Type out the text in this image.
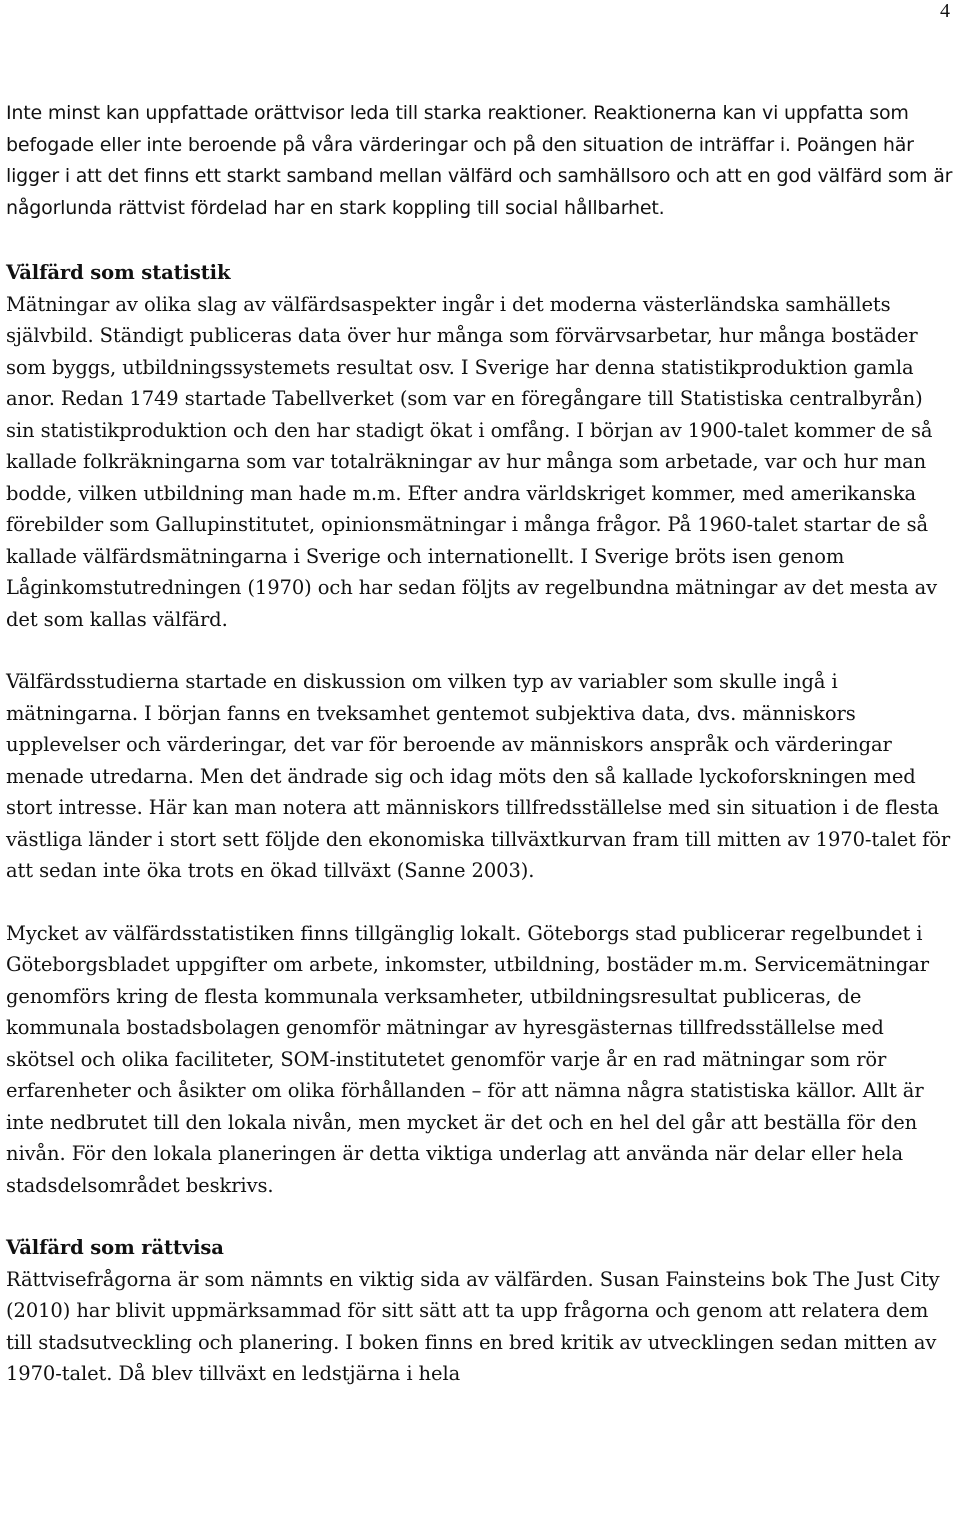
4

Inte minst kan uppfattade orättvisor leda till starka reaktioner. Reaktionerna kan vi uppfatta som befogade eller inte beroende på våra värderingar och på den situation de inträffar i. Poängen här ligger i att det finns ett starkt samband mellan välfärd och samhällsoro och att en god välfärd som är någorlunda rättvist fördelad har en stark koppling till social hållbarhet.

Välfärd som statistik
Mätningar av olika slag av välfärdsaspekter ingår i det moderna västerländska samhällets självbild. Ständigt publiceras data över hur många som förvärvsarbetar, hur många bostäder som byggs, utbildningssystemets resultat osv. I Sverige har denna statistikproduktion gamla anor. Redan 1749 startade Tabellverket (som var en föregångare till Statistiska centralbyrån) sin statistikproduktion och den har stadigt ökat i omfång. I början av 1900-talet kommer de så kallade folkräkningarna som var totalräkningar av hur många som arbetade, var och hur man bodde, vilken utbildning man hade m.m. Efter andra världskriget kommer, med amerikanska förebilder som Gallupinstitutet, opinionsmätningar i många frågor. På 1960-talet startar de så kallade välfärdsmätningarna i Sverige och internationellt. I Sverige bröts isen genom Låginkomstutredningen (1970) och har sedan följts av regelbundna mätningar av det mesta av det som kallas välfärd.

Välfärdsstudierna startade en diskussion om vilken typ av variabler som skulle ingå i mätningarna. I början fanns en tveksamhet gentemot subjektiva data, dvs. människors upplevelser och värderingar, det var för beroende av människors anspråk och värderingar menade utredarna. Men det ändrade sig och idag möts den så kallade lyckoforskningen med stort intresse. Här kan man notera att människors tillfredsställelse med sin situation i de flesta västliga länder i stort sett följde den ekonomiska tillväxtkurvan fram till mitten av 1970-talet för att sedan inte öka trots en ökad tillväxt (Sanne 2003).

Mycket av välfärdsstatistiken finns tillgänglig lokalt. Göteborgs stad publicerar regelbundet i Göteborgsbladet uppgifter om arbete, inkomster, utbildning, bostäder m.m. Servicemätningar genomförs kring de flesta kommunala verksamheter, utbildningsresultat publiceras, de kommunala bostadsbolagen genomför mätningar av hyresgästernas tillfredsställelse med skötsel och olika faciliteter, SOM-institutetet genomför varje år en rad mätningar som rör erfarenheter och åsikter om olika förhållanden – för att nämna några statistiska källor. Allt är inte nedbrutet till den lokala nivån, men mycket är det och en hel del går att beställa för den nivån. För den lokala planeringen är detta viktiga underlag att använda när delar eller hela stadsdelsområdet beskrivs.

Välfärd som rättvisa
Rättvisefrågorna är som nämnts en viktig sida av välfärden. Susan Fainsteins bok The Just City (2010) har blivit uppmärksammad för sitt sätt att ta upp frågorna och genom att relatera dem till stadsutveckling och planering. I boken finns en bred kritik av utvecklingen sedan mitten av 1970-talet. Då blev tillväxt en ledstjärna i hela
